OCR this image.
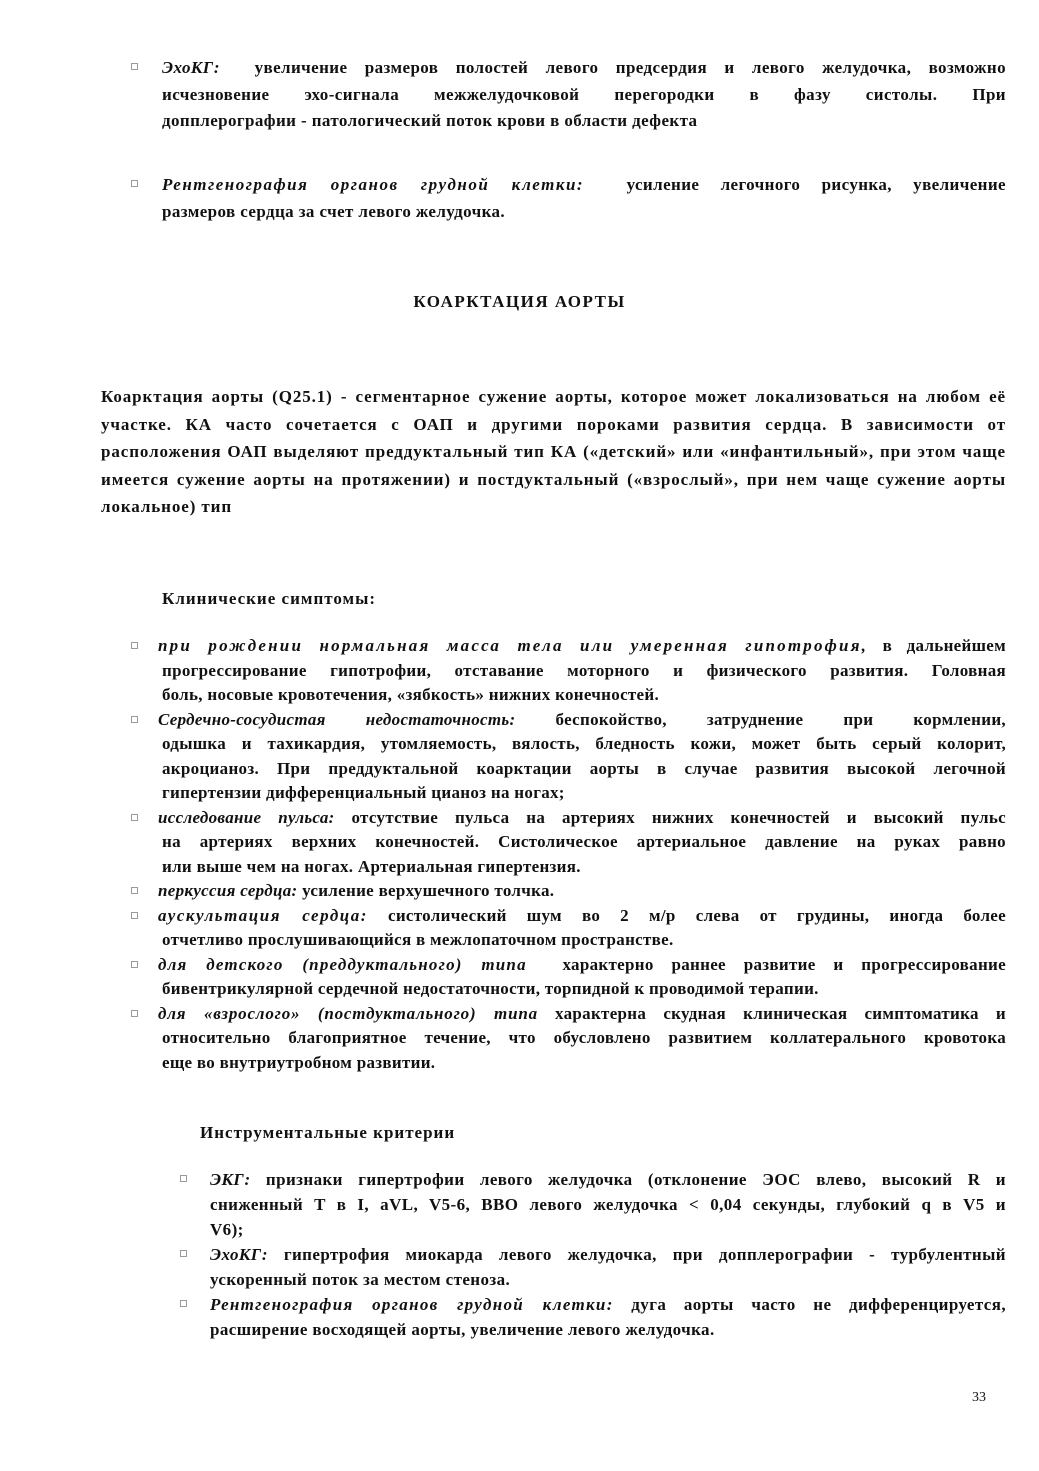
ЭхоКГ: увеличение размеров полостей левого предсердия и левого желудочка, возможно

исчезновение эхо-сигнала межжелудочковой перегородки в фазу систолы. При

допплерографии - патологический поток крови в области дефекта

Рентгенография органов грудной клетки:	усиление легочного рисунка, увеличение

размеров сердца за счет левого желудочка.

КОАРКТАЦИЯ АОРТЫ

Коарктация аорты (Q25.1) - сегментарное сужение аорты, которое может локализоваться на любом её участке. КА часто сочетается с ОАП и другими пороками развития сердца. В зависимости от расположения ОАП выделяют преддуктальный тип КА («детский» или «инфантильный», при этом чаще имеется сужение аорты на протяжении) и постдуктальный («взрослый», при нем чаще сужение аорты локальное) тип

Клинические симптомы:

при рождении нормальная масса тела или умеренная гипотрофия, в дальнейшем

прогрессирование гипотрофии, отставание моторного и физического развития. Головная

боль, носовые кровотечения, «зябкость» нижних конечностей.

Сердечно-сосудистая недостаточность: беспокойство, затруднение при кормлении,

одышка и тахикардия, утомляемость, вялость, бледность кожи, может быть серый колорит,

акроцианоз. При преддуктальной коарктации аорты в случае развития высокой легочной

гипертензии дифференциальный цианоз на ногах;

исследование пульса: отсутствие пульса на артериях нижних конечностей и высокий пульс

на артериях верхних конечностей. Систолическое артериальное давление на руках равно

или выше чем на ногах. Артериальная гипертензия.

перкуссия сердца: усиление верхушечного толчка.

аускультация сердца: систолический шум во 2 м/р слева от грудины, иногда более

отчетливо прослушивающийся в межлопаточном пространстве.

для детского (преддуктального) типа характерно раннее развитие и прогрессирование

бивентрикулярной сердечной недостаточности, торпидной к проводимой терапии.

для «взрослого» (постдуктального) типа характерна скудная клиническая симптоматика и

относительно благоприятное течение, что обусловлено развитием коллатерального кровотока

еще во внутриутробном развитии.

Инструментальные критерии

ЭКГ: признаки гипертрофии левого желудочка (отклонение ЭОС влево, высокий R и

сниженный T в I, aVL, V5-6, ВВО левого желудочка < 0,04 секунды, глубокий q в V5 и

V6);

ЭхоКГ: гипертрофия миокарда левого желудочка, при допплерографии - турбулентный

ускоренный поток за местом стеноза.

Рентгенография органов грудной клетки: дуга аорты часто не дифференцируется,

расширение восходящей аорты, увеличение левого желудочка.

33
